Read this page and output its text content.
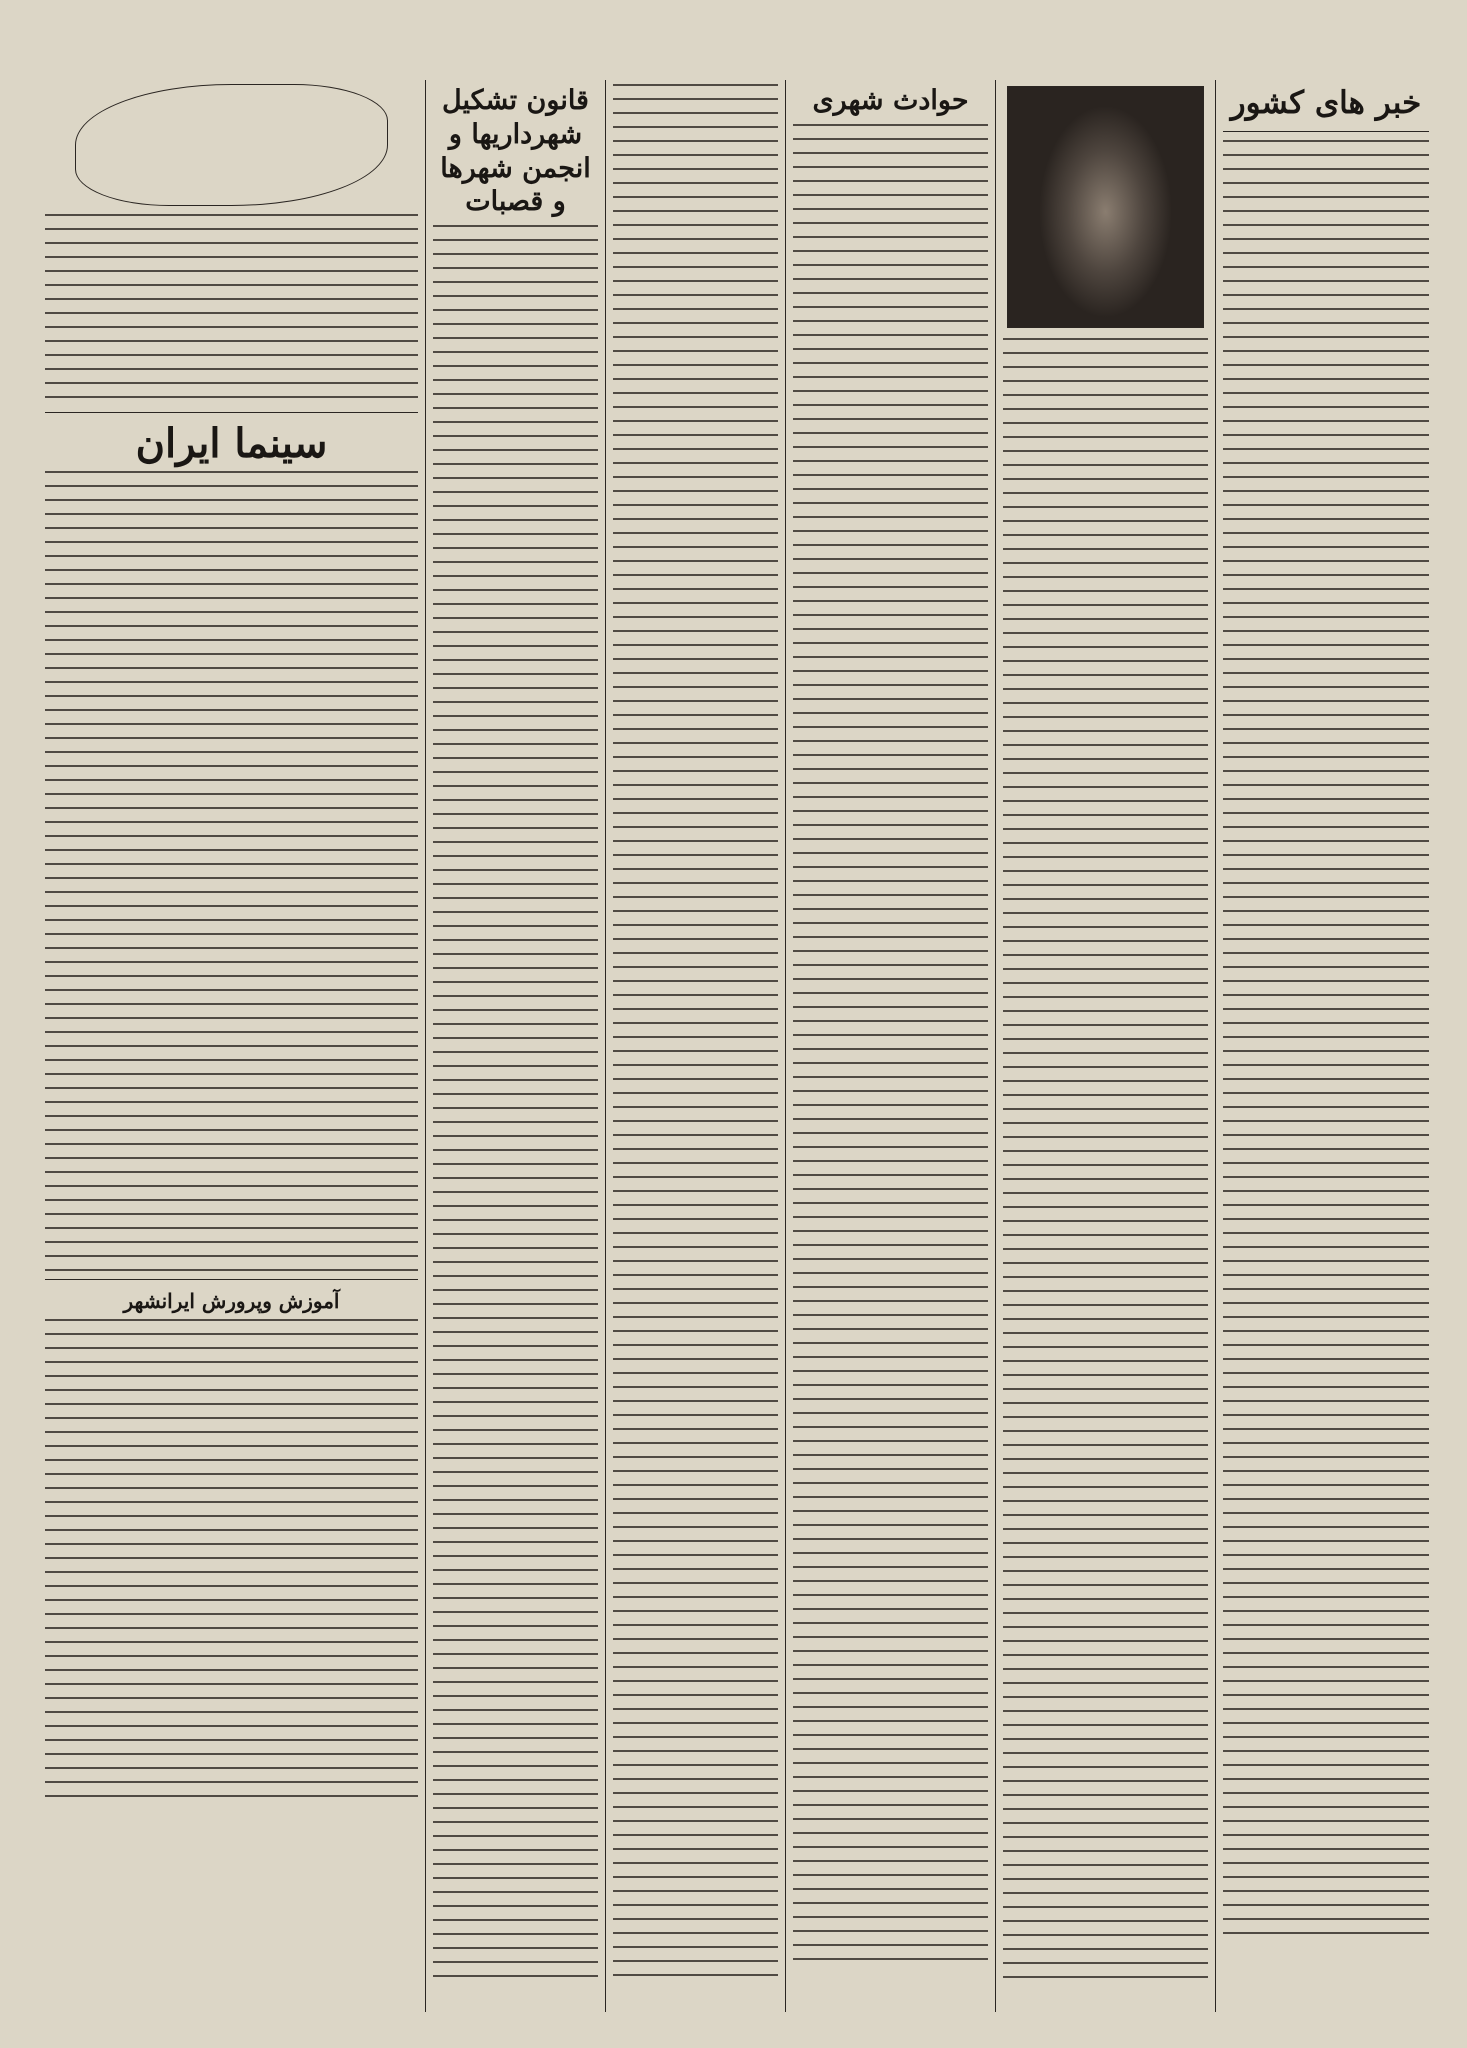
خبر های کشور
حوادث شهری
قانون تشکیل شهرداریها و انجمن شهرها و قصبات
سینما ایران
آموزش وپرورش ایرانشهر
